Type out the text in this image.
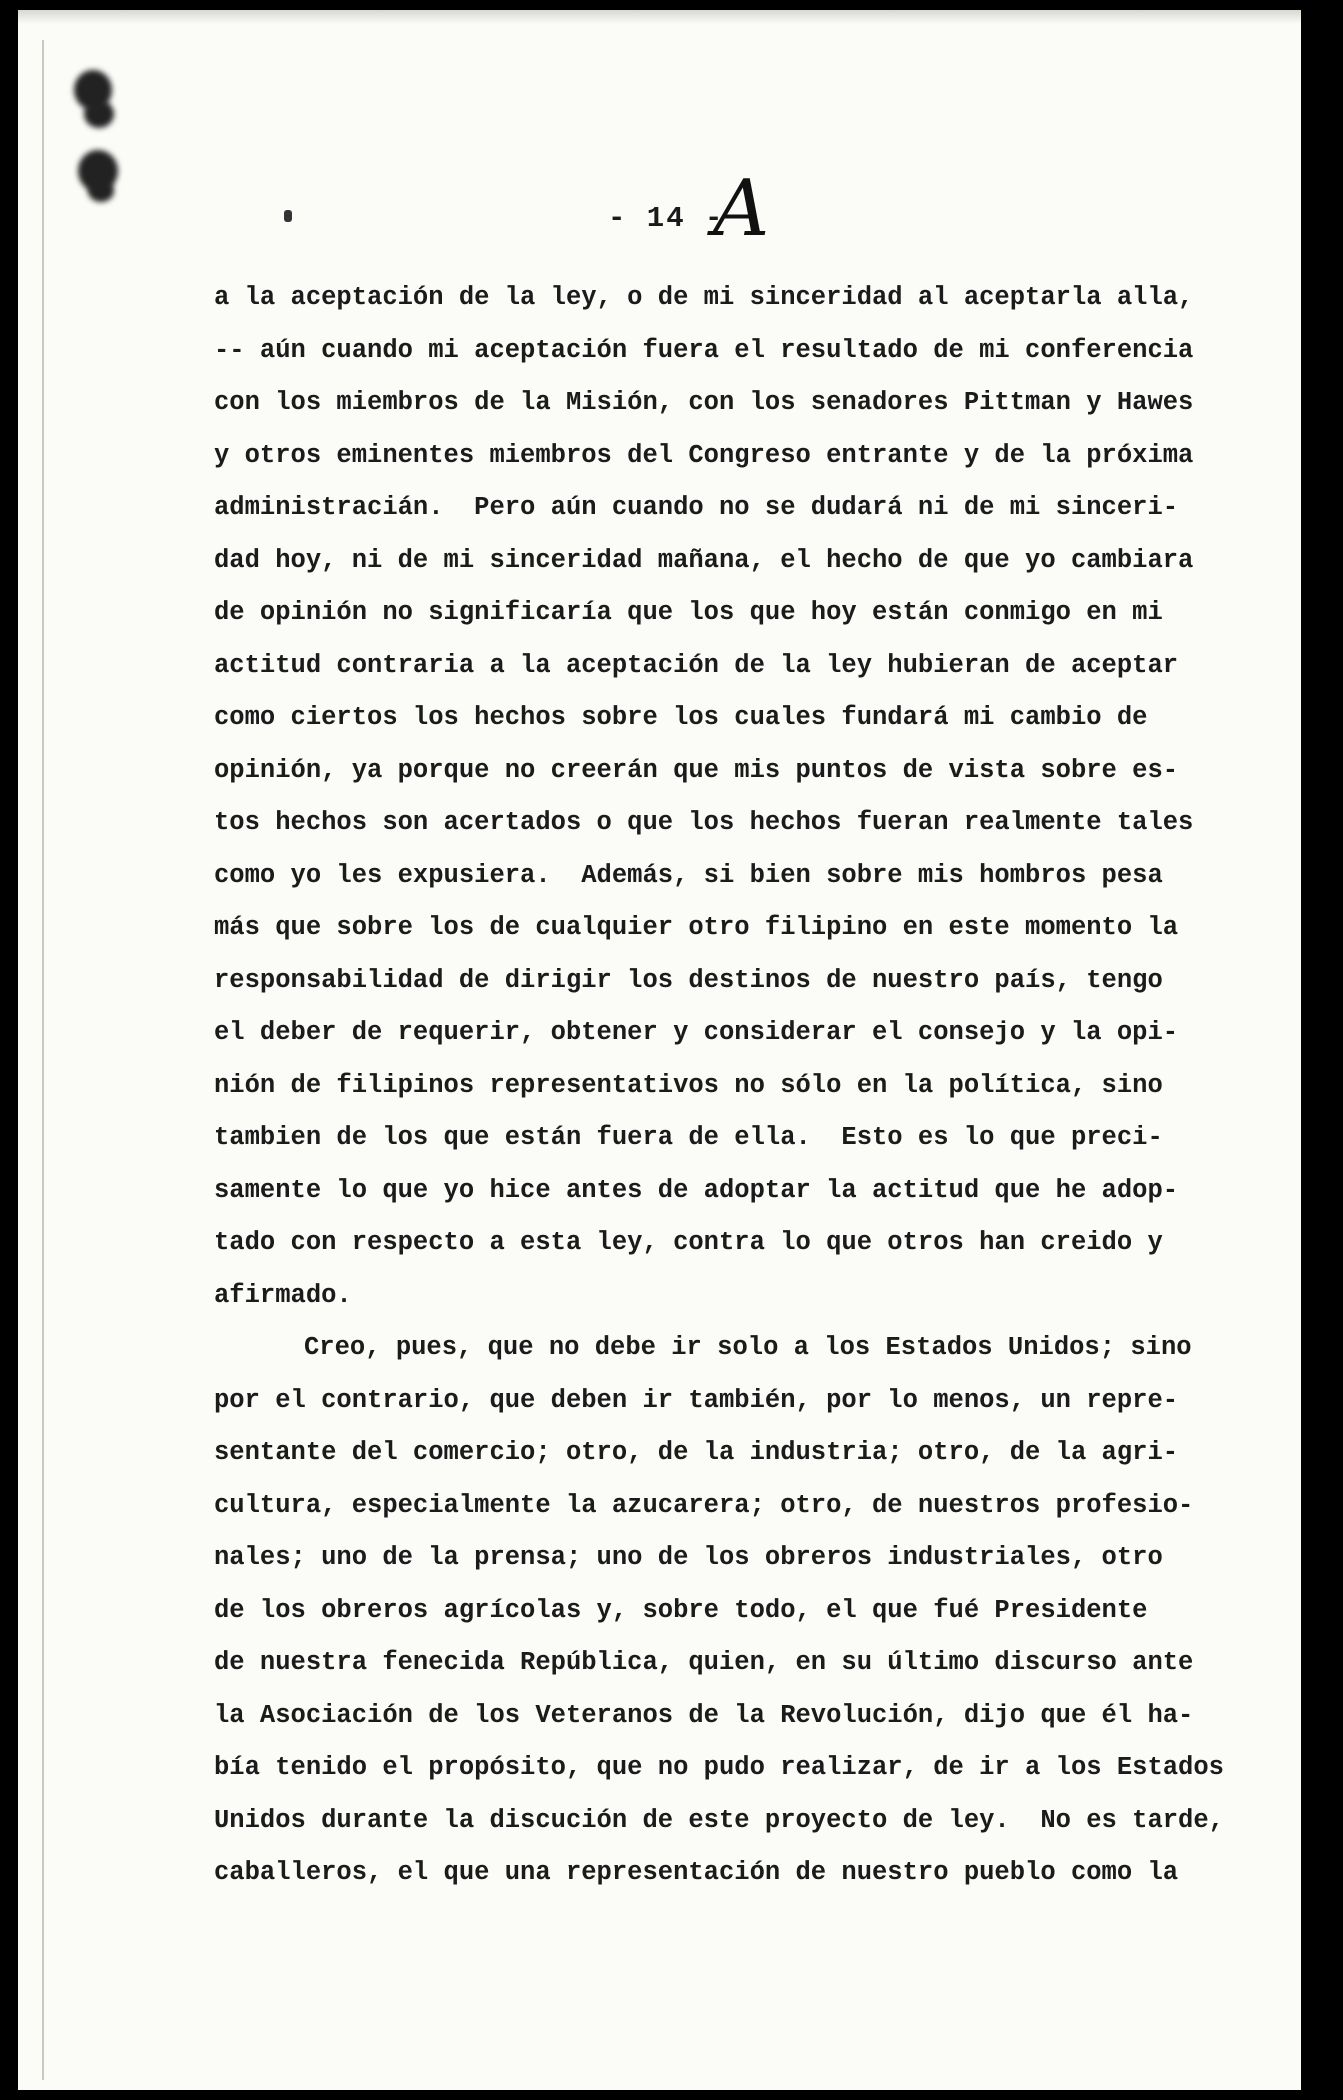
- 14 -
A
a la aceptación de la ley, o de mi sinceridad al aceptarla alla,
-- aún cuando mi aceptación fuera el resultado de mi conferencia
con los miembros de la Misión, con los senadores Pittman y Hawes
y otros eminentes miembros del Congreso entrante y de la próxima
administracián.  Pero aún cuando no se dudará ni de mi sinceri-
dad hoy, ni de mi sinceridad mañana, el hecho de que yo cambiara
de opinión no significaría que los que hoy están conmigo en mi
actitud contraria a la aceptación de la ley hubieran de aceptar
como ciertos los hechos sobre los cuales fundará mi cambio de
opinión, ya porque no creerán que mis puntos de vista sobre es-
tos hechos son acertados o que los hechos fueran realmente tales
como yo les expusiera.  Además, si bien sobre mis hombros pesa
más que sobre los de cualquier otro filipino en este momento la
responsabilidad de dirigir los destinos de nuestro país, tengo
el deber de requerir, obtener y considerar el consejo y la opi-
nión de filipinos representativos no sólo en la política, sino
tambien de los que están fuera de ella.  Esto es lo que preci-
samente lo que yo hice antes de adoptar la actitud que he adop-
tado con respecto a esta ley, contra lo que otros han creido y
afirmado.
Creo, pues, que no debe ir solo a los Estados Unidos; sino
por el contrario, que deben ir también, por lo menos, un repre-
sentante del comercio; otro, de la industria; otro, de la agri-
cultura, especialmente la azucarera; otro, de nuestros profesio-
nales; uno de la prensa; uno de los obreros industriales, otro
de los obreros agrícolas y, sobre todo, el que fué Presidente
de nuestra fenecida República, quien, en su último discurso ante
la Asociación de los Veteranos de la Revolución, dijo que él ha-
bía tenido el propósito, que no pudo realizar, de ir a los Estados
Unidos durante la discución de este proyecto de ley.  No es tarde,
caballeros, el que una representación de nuestro pueblo como la
